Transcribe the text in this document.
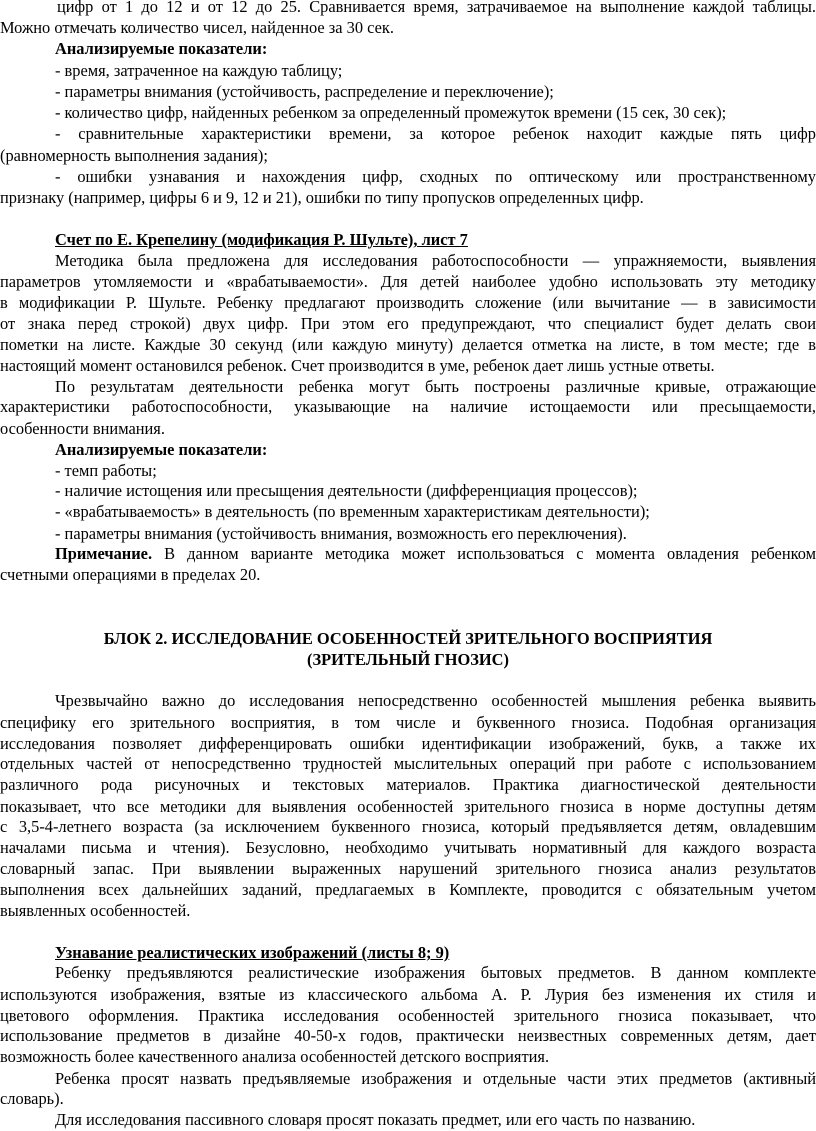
цифр от 1 до 12 и от 12 до 25. Сравнивается время, затрачиваемое на выполнение каждой таблицы.
Можно отмечать количество чисел, найденное за 30 сек.
Анализируемые показатели:
- время, затраченное на каждую таблицу;
- параметры внимания (устойчивость, распределение и переключение);
- количество цифр, найденных ребенком за определенный промежуток времени (15 сек, 30 сек);
- сравнительные характеристики времени, за которое ребенок находит каждые пять цифр
(равномерность выполнения задания);
- ошибки узнавания и нахождения цифр, сходных по оптическому или пространственному
признаку (например, цифры 6 и 9, 12 и 21), ошибки по типу пропусков определенных цифр.
Счет по Е. Крепелину (модификация Р. Шульте), лист 7
Методика была предложена для исследования работоспособности — упражняемости, выявления
параметров утомляемости и «врабатываемости». Для детей наиболее удобно использовать эту методику
в модификации Р. Шульте. Ребенку предлагают производить сложение (или вычитание — в зависимости
от знака перед строкой) двух цифр. При этом его предупреждают, что специалист будет делать свои
пометки на листе. Каждые 30 секунд (или каждую минуту) делается отметка на листе, в том месте; где в
настоящий момент остановился ребенок. Счет производится в уме, ребенок дает лишь устные ответы.
По результатам деятельности ребенка могут быть построены различные кривые, отражающие
характеристики работоспособности, указывающие на наличие истощаемости или пресыщаемости,
особенности внимания.
Анализируемые показатели:
- темп работы;
- наличие истощения или пресыщения деятельности (дифференциация процессов);
- «врабатываемость» в деятельность (по временным характеристикам деятельности);
- параметры внимания (устойчивость внимания, возможность его переключения).
Примечание. В данном варианте методика может использоваться с момента овладения ребенком
счетными операциями в пределах 20.
БЛОК 2. ИССЛЕДОВАНИЕ ОСОБЕННОСТЕЙ ЗРИТЕЛЬНОГО ВОСПРИЯТИЯ
(ЗРИТЕЛЬНЫЙ ГНОЗИС)
Чрезвычайно важно до исследования непосредственно особенностей мышления ребенка выявить
специфику его зрительного восприятия, в том числе и буквенного гнозиса. Подобная организация
исследования позволяет дифференцировать ошибки идентификации изображений, букв, а также их
отдельных частей от непосредственно трудностей мыслительных операций при работе с использованием
различного рода рисуночных и текстовых материалов. Практика диагностической деятельности
показывает, что все методики для выявления особенностей зрительного гнозиса в норме доступны детям
с 3,5-4-летнего возраста (за исключением буквенного гнозиса, который предъявляется детям, овладевшим
началами письма и чтения). Безусловно, необходимо учитывать нормативный для каждого возраста
словарный запас. При выявлении выраженных нарушений зрительного гнозиса анализ результатов
выполнения всех дальнейших заданий, предлагаемых в Комплекте, проводится с обязательным учетом
выявленных особенностей.
Узнавание реалистических изображений (листы 8; 9)
Ребенку предъявляются реалистические изображения бытовых предметов. В данном комплекте
используются изображения, взятые из классического альбома А. Р. Лурия без изменения их стиля и
цветового оформления. Практика исследования особенностей зрительного гнозиса показывает, что
использование предметов в дизайне 40-50-х годов, практически неизвестных современных детям, дает
возможность более качественного анализа особенностей детского восприятия.
Ребенка просят назвать предъявляемые изображения и отдельные части этих предметов (активный
словарь).
Для исследования пассивного словаря просят показать предмет, или его часть по названию.
